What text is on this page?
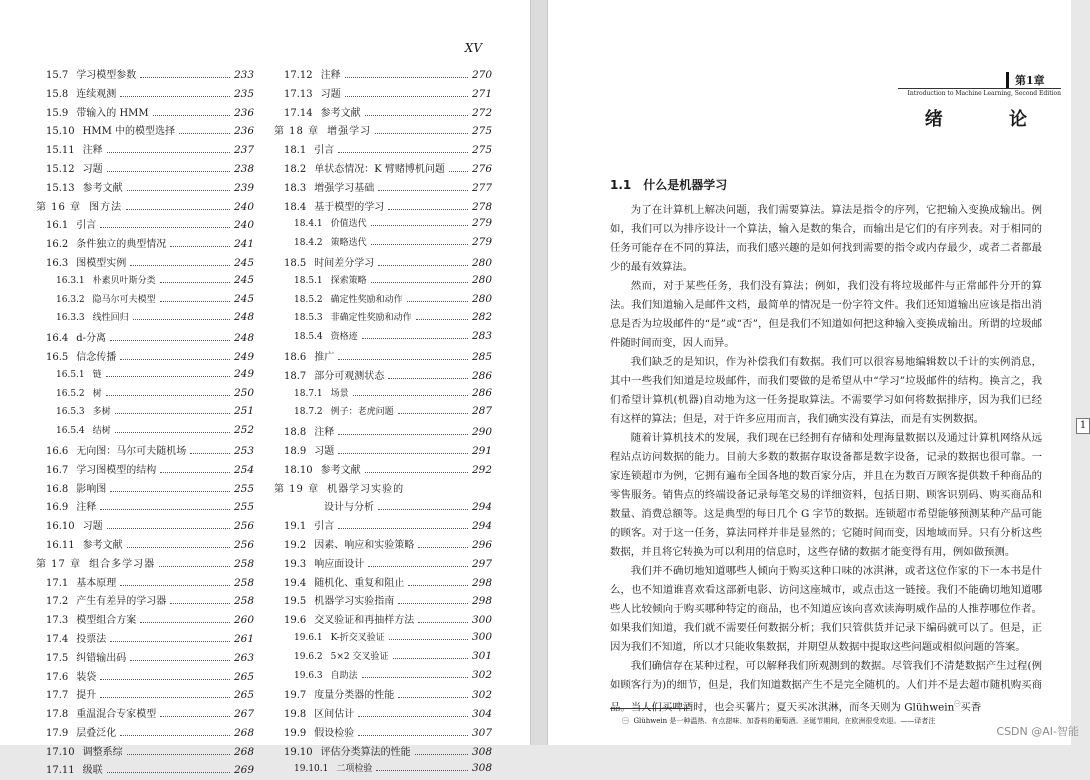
XV
15.7 学习模型参数	233
15.8 连续观测	235
15.9 带输入的 HMM	236
15.10 HMM 中的模型选择	236
15.11 注释	237
15.12 习题	238
15.13 参考文献	239
第 16 章 图方法	240
16.1 引言	240
16.2 条件独立的典型情况	241
16.3 图模型实例	245
16.3.1 朴素贝叶斯分类	245
16.3.2 隐马尔可夫模型	245
16.3.3 线性回归	248
16.4 d-分离	248
16.5 信念传播	249
16.5.1 链	249
16.5.2 树	250
16.5.3 多树	251
16.5.4 结树	252
16.6 无向图：马尔可夫随机场	253
16.7 学习图模型的结构	254
16.8 影响图	255
16.9 注释	255
16.10 习题	256
16.11 参考文献	256
第 17 章 组合多学习器	258
17.1 基本原理	258
17.2 产生有差异的学习器	258
17.3 模型组合方案	260
17.4 投票法	261
17.5 纠错输出码	263
17.6 装袋	265
17.7 提升	265
17.8 重温混合专家模型	267
17.9 层叠泛化	268
17.10 调整系综	268
17.11 级联	269
17.12 注释	270
17.13 习题	271
17.14 参考文献	272
第 18 章 增强学习	275
18.1 引言	275
18.2 单状态情况：K 臂赌博机问题	276
18.3 增强学习基础	277
18.4 基于模型的学习	278
18.4.1 价值迭代	279
18.4.2 策略迭代	279
18.5 时间差分学习	280
18.5.1 探索策略	280
18.5.2 确定性奖励和动作	280
18.5.3 非确定性奖励和动作	282
18.5.4 资格迹	283
18.6 推广	285
18.7 部分可观测状态	286
18.7.1 场景	286
18.7.2 例子：老虎问题	287
18.8 注释	290
18.9 习题	291
18.10 参考文献	292
第 19 章 机器学习实验的
设计与分析	294
19.1 引言	294
19.2 因素、响应和实验策略	296
19.3 响应面设计	297
19.4 随机化、重复和阻止	298
19.5 机器学习实验指南	298
19.6 交叉验证和再抽样方法	300
19.6.1 K-折交叉验证	300
19.6.2 5×2 交叉验证	301
19.6.3 自助法	302
19.7 度量分类器的性能	302
19.8 区间估计	304
19.9 假设检验	307
19.10 评估分类算法的性能	308
19.10.1 二项检验	308
第1章
Introduction to Machine Learning, Second Edition
绪 论
1.1 什么是机器学习

为了在计算机上解决问题，我们需要算法。算法是指令的序列，它把输入变换成输出。例如，我们可以为排序设计一个算法，输入是数的集合，而输出是它们的有序列表。对于相同的任务可能存在不同的算法，而我们感兴趣的是如何找到需要的指令或内存最少，或者二者都最少的最有效算法。

然而，对于某些任务，我们没有算法；例如，我们没有将垃圾邮件与正常邮件分开的算法。我们知道输入是邮件文档，最简单的情况是一份字符文件。我们还知道输出应该是指出消息是否为垃圾邮件的“是”或“否”，但是我们不知道如何把这种输入变换成输出。所谓的垃圾邮件随时间而变，因人而异。

我们缺乏的是知识，作为补偿我们有数据。我们可以很容易地编辑数以千计的实例消息，其中一些我们知道是垃圾邮件，而我们要做的是希望从中“学习”垃圾邮件的结构。换言之，我们希望计算机(机器)自动地为这一任务提取算法。不需要学习如何将数据排序，因为我们已经有这样的算法；但是，对于许多应用而言，我们确实没有算法，而是有实例数据。

随着计算机技术的发展，我们现在已经拥有存储和处理海量数据以及通过计算机网络从远程站点访问数据的能力。目前大多数的数据存取设备都是数字设备，记录的数据也很可靠。一家连锁超市为例，它拥有遍布全国各地的数百家分店，并且在为数百万顾客提供数千种商品的零售服务。销售点的终端设备记录每笔交易的详细资料，包括日期、顾客识别码、购买商品和数量、消费总额等。这是典型的每日几个 G 字节的数据。连锁超市希望能够预测某种产品可能的顾客。对于这一任务，算法同样并非是显然的；它随时间而变，因地域而异。只有分析这些数据，并且将它转换为可以利用的信息时，这些存储的数据才能变得有用，例如做预测。

我们并不确切地知道哪些人倾向于购买这种口味的冰淇淋，或者这位作家的下一本书是什么，也不知道谁喜欢看这部新电影、访问这座城市，或点击这一链接。我们不能确切地知道哪些人比较倾向于购买哪种特定的商品，也不知道应该向喜欢读海明威作品的人推荐哪位作者。如果我们知道，我们就不需要任何数据分析；我们只管供货并记录下编码就可以了。但是，正因为我们不知道，所以才只能收集数据，并期望从数据中提取这些问题或相似问题的答案。

我们确信存在某种过程，可以解释我们所观测到的数据。尽管我们不清楚数据产生过程(例如顾客行为)的细节，但是，我们知道数据产生不是完全随机的。人们并不是去超市随机购买商品。当人们买啤酒时，也会买薯片；夏天买冰淇淋，而冬天则为 Glühwein$^㊀$买香

㊀ Glühwein 是一种温热、有点甜味、加香料的葡萄酒。圣诞节期间，在欧洲很受欢迎。——译者注
1
CSDN @AI-智能
